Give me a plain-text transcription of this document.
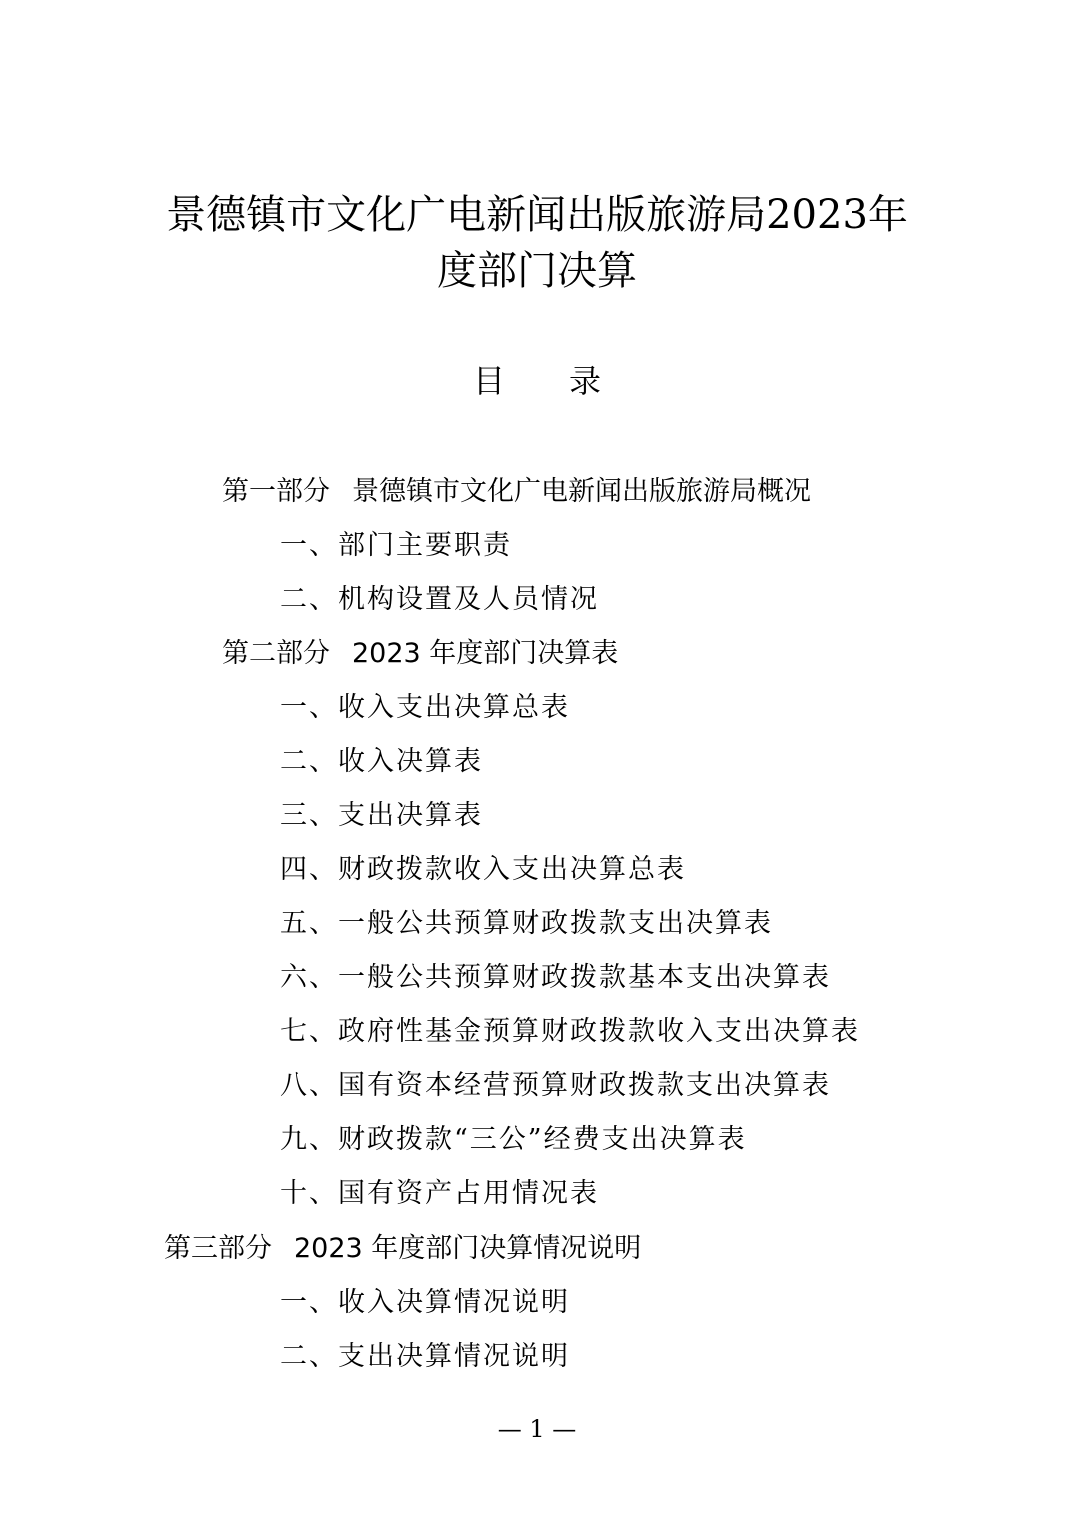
景德镇市文化广电新闻出版旅游局2023年
度部门决算
目 录
第一部分 景德镇市文化广电新闻出版旅游局概况
一、部门主要职责
二、机构设置及人员情况
第二部分 2023 年度部门决算表
一、收入支出决算总表
二、收入决算表
三、支出决算表
四、财政拨款收入支出决算总表
五、一般公共预算财政拨款支出决算表
六、一般公共预算财政拨款基本支出决算表
七、政府性基金预算财政拨款收入支出决算表
八、国有资本经营预算财政拨款支出决算表
九、财政拨款“三公”经费支出决算表
十、国有资产占用情况表
第三部分 2023 年度部门决算情况说明
一、收入决算情况说明
二、支出决算情况说明
— 1 —
